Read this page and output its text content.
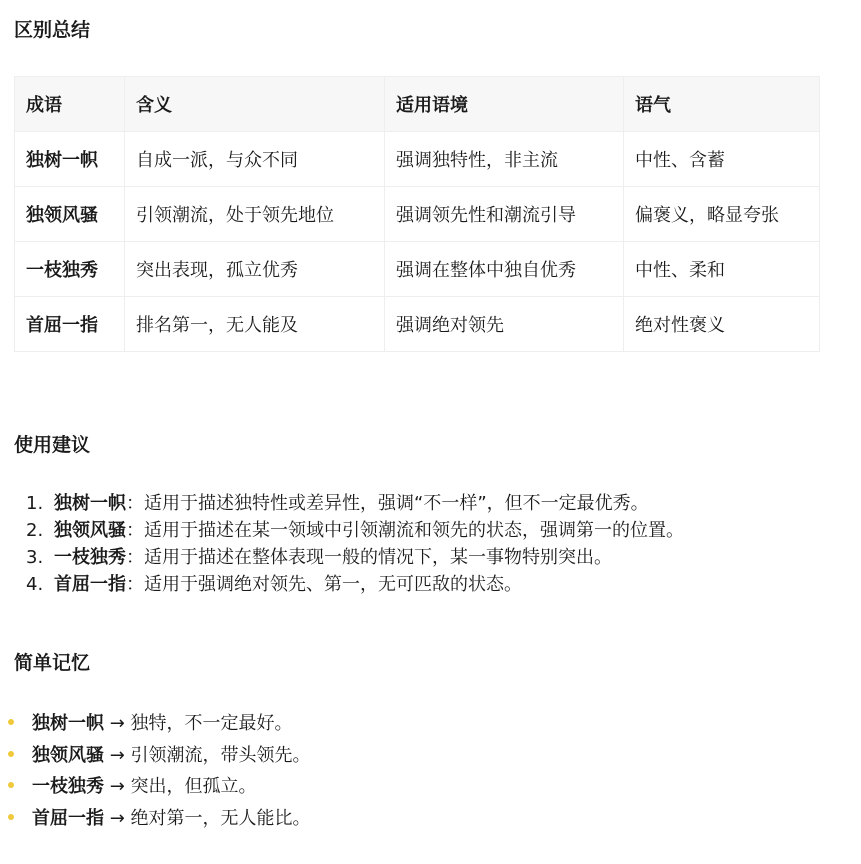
区别总结
成语	含义	适用语境	语气
独树一帜	自成一派，与众不同	强调独特性，非主流	中性、含蓄
独领风骚	引领潮流，处于领先地位	强调领先性和潮流引导	偏褒义，略显夸张
一枝独秀	突出表现，孤立优秀	强调在整体中独自优秀	中性、柔和
首屈一指	排名第一，无人能及	强调绝对领先	绝对性褒义
使用建议
1. 独树一帜：适用于描述独特性或差异性，强调“不一样”，但不一定最优秀。
2. 独领风骚：适用于描述在某一领域中引领潮流和领先的状态，强调第一的位置。
3. 一枝独秀：适用于描述在整体表现一般的情况下，某一事物特别突出。
4. 首屈一指：适用于强调绝对领先、第一，无可匹敌的状态。
简单记忆
独树一帜 → 独特，不一定最好。
独领风骚 → 引领潮流，带头领先。
一枝独秀 → 突出，但孤立。
首屈一指 → 绝对第一，无人能比。
